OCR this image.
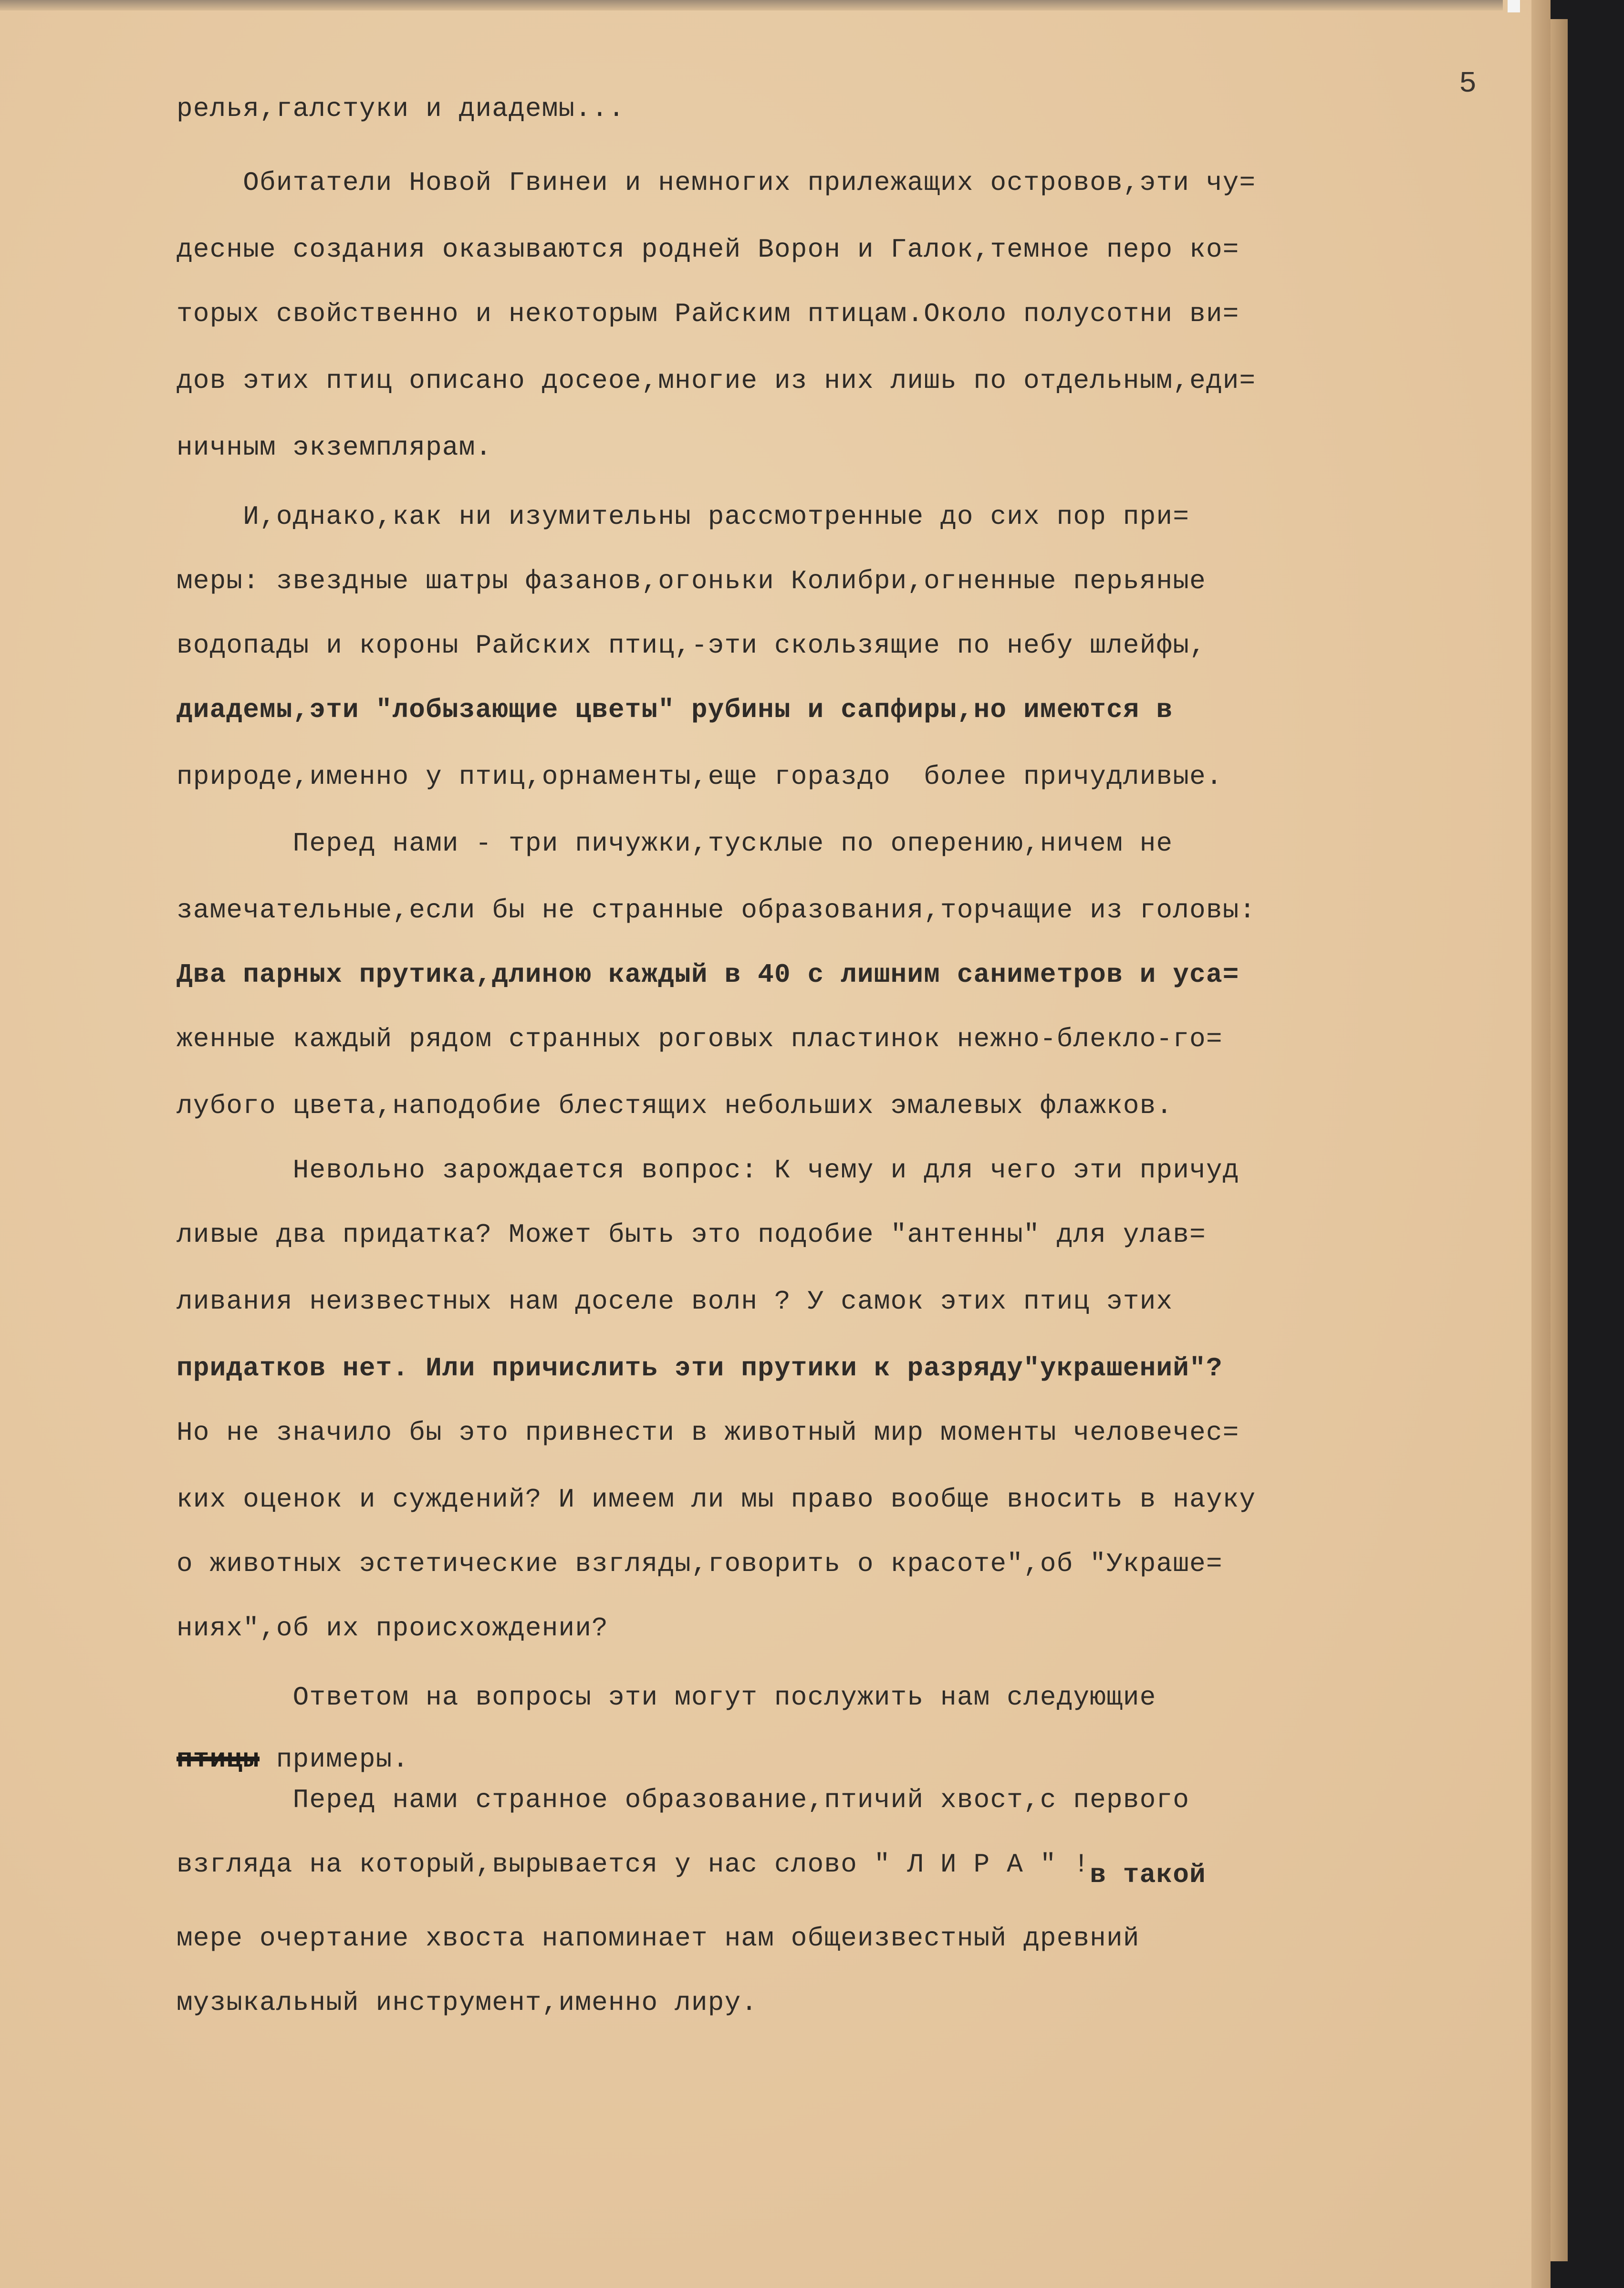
5
релья,галстуки и диадемы...
Обитатели Новой Гвинеи и немногих прилежащих островов,эти чу=
десные создания оказываются родней Ворон и Галок,темное перо ко=
торых свойственно и некоторым Райским птицам.Около полусотни ви=
дов этих птиц описано досеое,многие из них лишь по отдельным,еди=
ничным экземплярам.
И,однако,как ни изумительны рассмотренные до сих пор при=
меры: звездные шатры фазанов,огоньки Колибри,огненные перьяные
водопады и короны Райских птиц,-эти скользящие по небу шлейфы,
диадемы,эти "лобызающие цветы" рубины и сапфиры,но имеются в
природе,именно у птиц,орнаменты,еще гораздо  более причудливые.
Перед нами - три пичужки,тусклые по оперению,ничем не
замечательные,если бы не странные образования,торчащие из головы:
Два парных прутика,длиною каждый в 40 с лишним саниметров и уса=
женные каждый рядом странных роговых пластинок нежно-блекло-го=
лубого цвета,наподобие блестящих небольших эмалевых флажков.
Невольно зарождается вопрос: К чему и для чего эти причуд
ливые два придатка? Может быть это подобие "антенны" для улав=
ливания неизвестных нам доселе волн ? У самок этих птиц этих
придатков нет. Или причислить эти прутики к разряду"украшений"?
Но не значило бы это привнести в животный мир моменты человечес=
ких оценок и суждений? И имеем ли мы право вообще вносить в науку
о животных эстетические взгляды,говорить о красоте",об "Украше=
ниях",об их происхождении?
Ответом на вопросы эти могут послужить нам следующие
птицы примеры.
Перед нами странное образование,птичий хвост,с первого
взгляда на который,вырывается у нас слово " Л И Р А " !в такой
мере очертание хвоста напоминает нам общеизвестный древний
музыкальный инструмент,именно лиру.
